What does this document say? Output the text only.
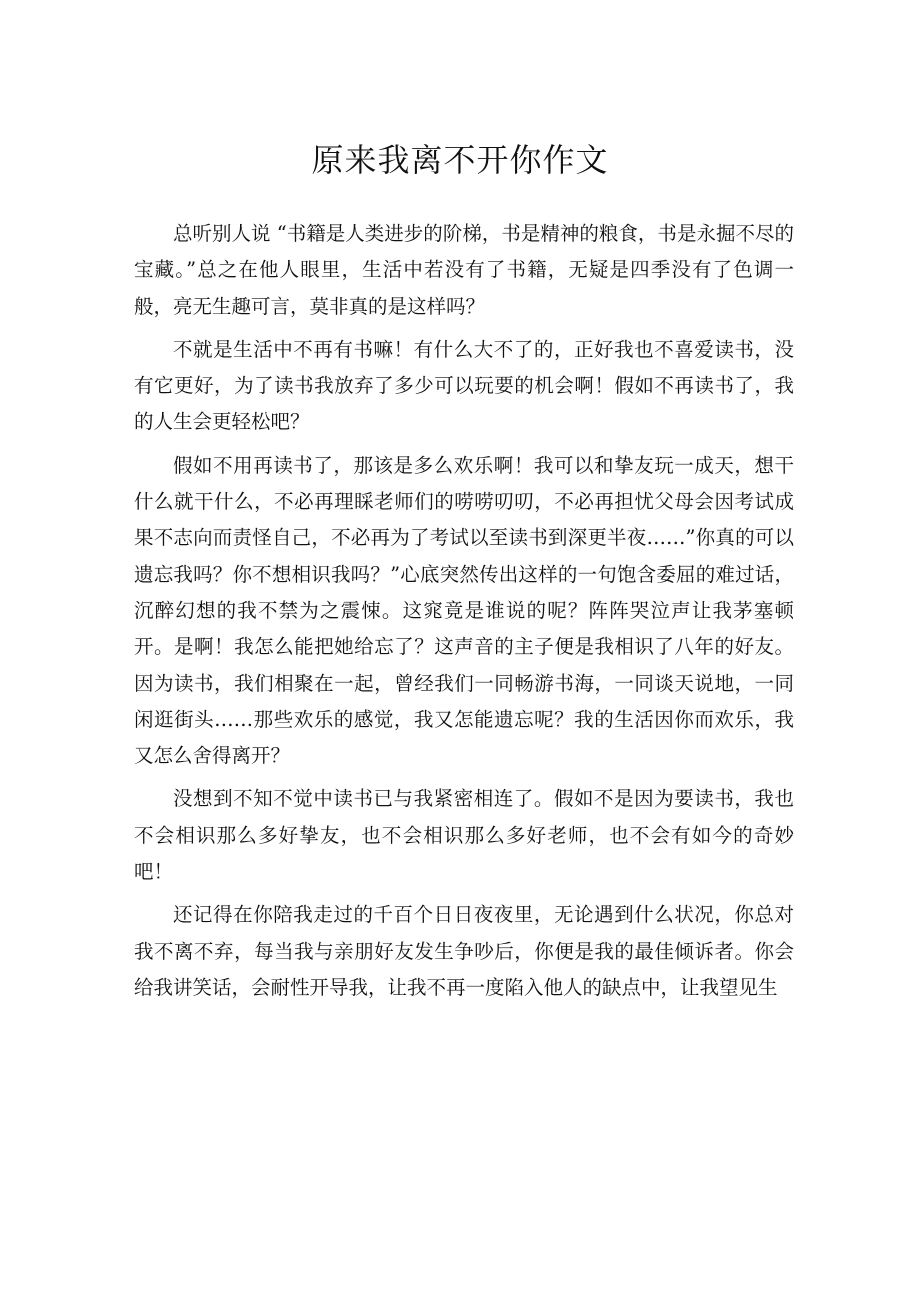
原来我离不开你作文

总听别人说 “书籍是人类进步的阶梯，书是精神的粮食，书是永掘不尽的宝藏。”总之在他人眼里，生活中若没有了书籍，无疑是四季没有了色调一般，亮无生趣可言，莫非真的是这样吗？

不就是生活中不再有书嘛！有什么大不了的，正好我也不喜爱读书，没有它更好，为了读书我放弃了多少可以玩要的机会啊！假如不再读书了，我的人生会更轻松吧？

假如不用再读书了，那该是多么欢乐啊！我可以和挚友玩一成天，想干什么就干什么，不必再理睬老师们的唠唠叨叨，不必再担忧父母会因考试成果不志向而责怪自己，不必再为了考试以至读书到深更半夜……”你真的可以遗忘我吗？你不想相识我吗？”心底突然传出这样的一句饱含委屈的难过话，沉醉幻想的我不禁为之震悚。这窕竟是谁说的呢？阵阵哭泣声让我茅塞顿开。是啊！我怎么能把她给忘了？这声音的主子便是我相识了八年的好友。因为读书，我们相聚在一起，曾经我们一同畅游书海，一同谈天说地，一同闲逛街头……那些欢乐的感觉，我又怎能遗忘呢？我的生活因你而欢乐，我又怎么舍得离开？

没想到不知不觉中读书已与我紧密相连了。假如不是因为要读书，我也不会相识那么多好挚友，也不会相识那么多好老师，也不会有如今的奇妙吧！

还记得在你陪我走过的千百个日日夜夜里，无论遇到什么状况，你总对我不离不弃，每当我与亲朋好友发生争吵后，你便是我的最佳倾诉者。你会给我讲笑话，会耐性开导我，让我不再一度陷入他人的缺点中，让我望见生
